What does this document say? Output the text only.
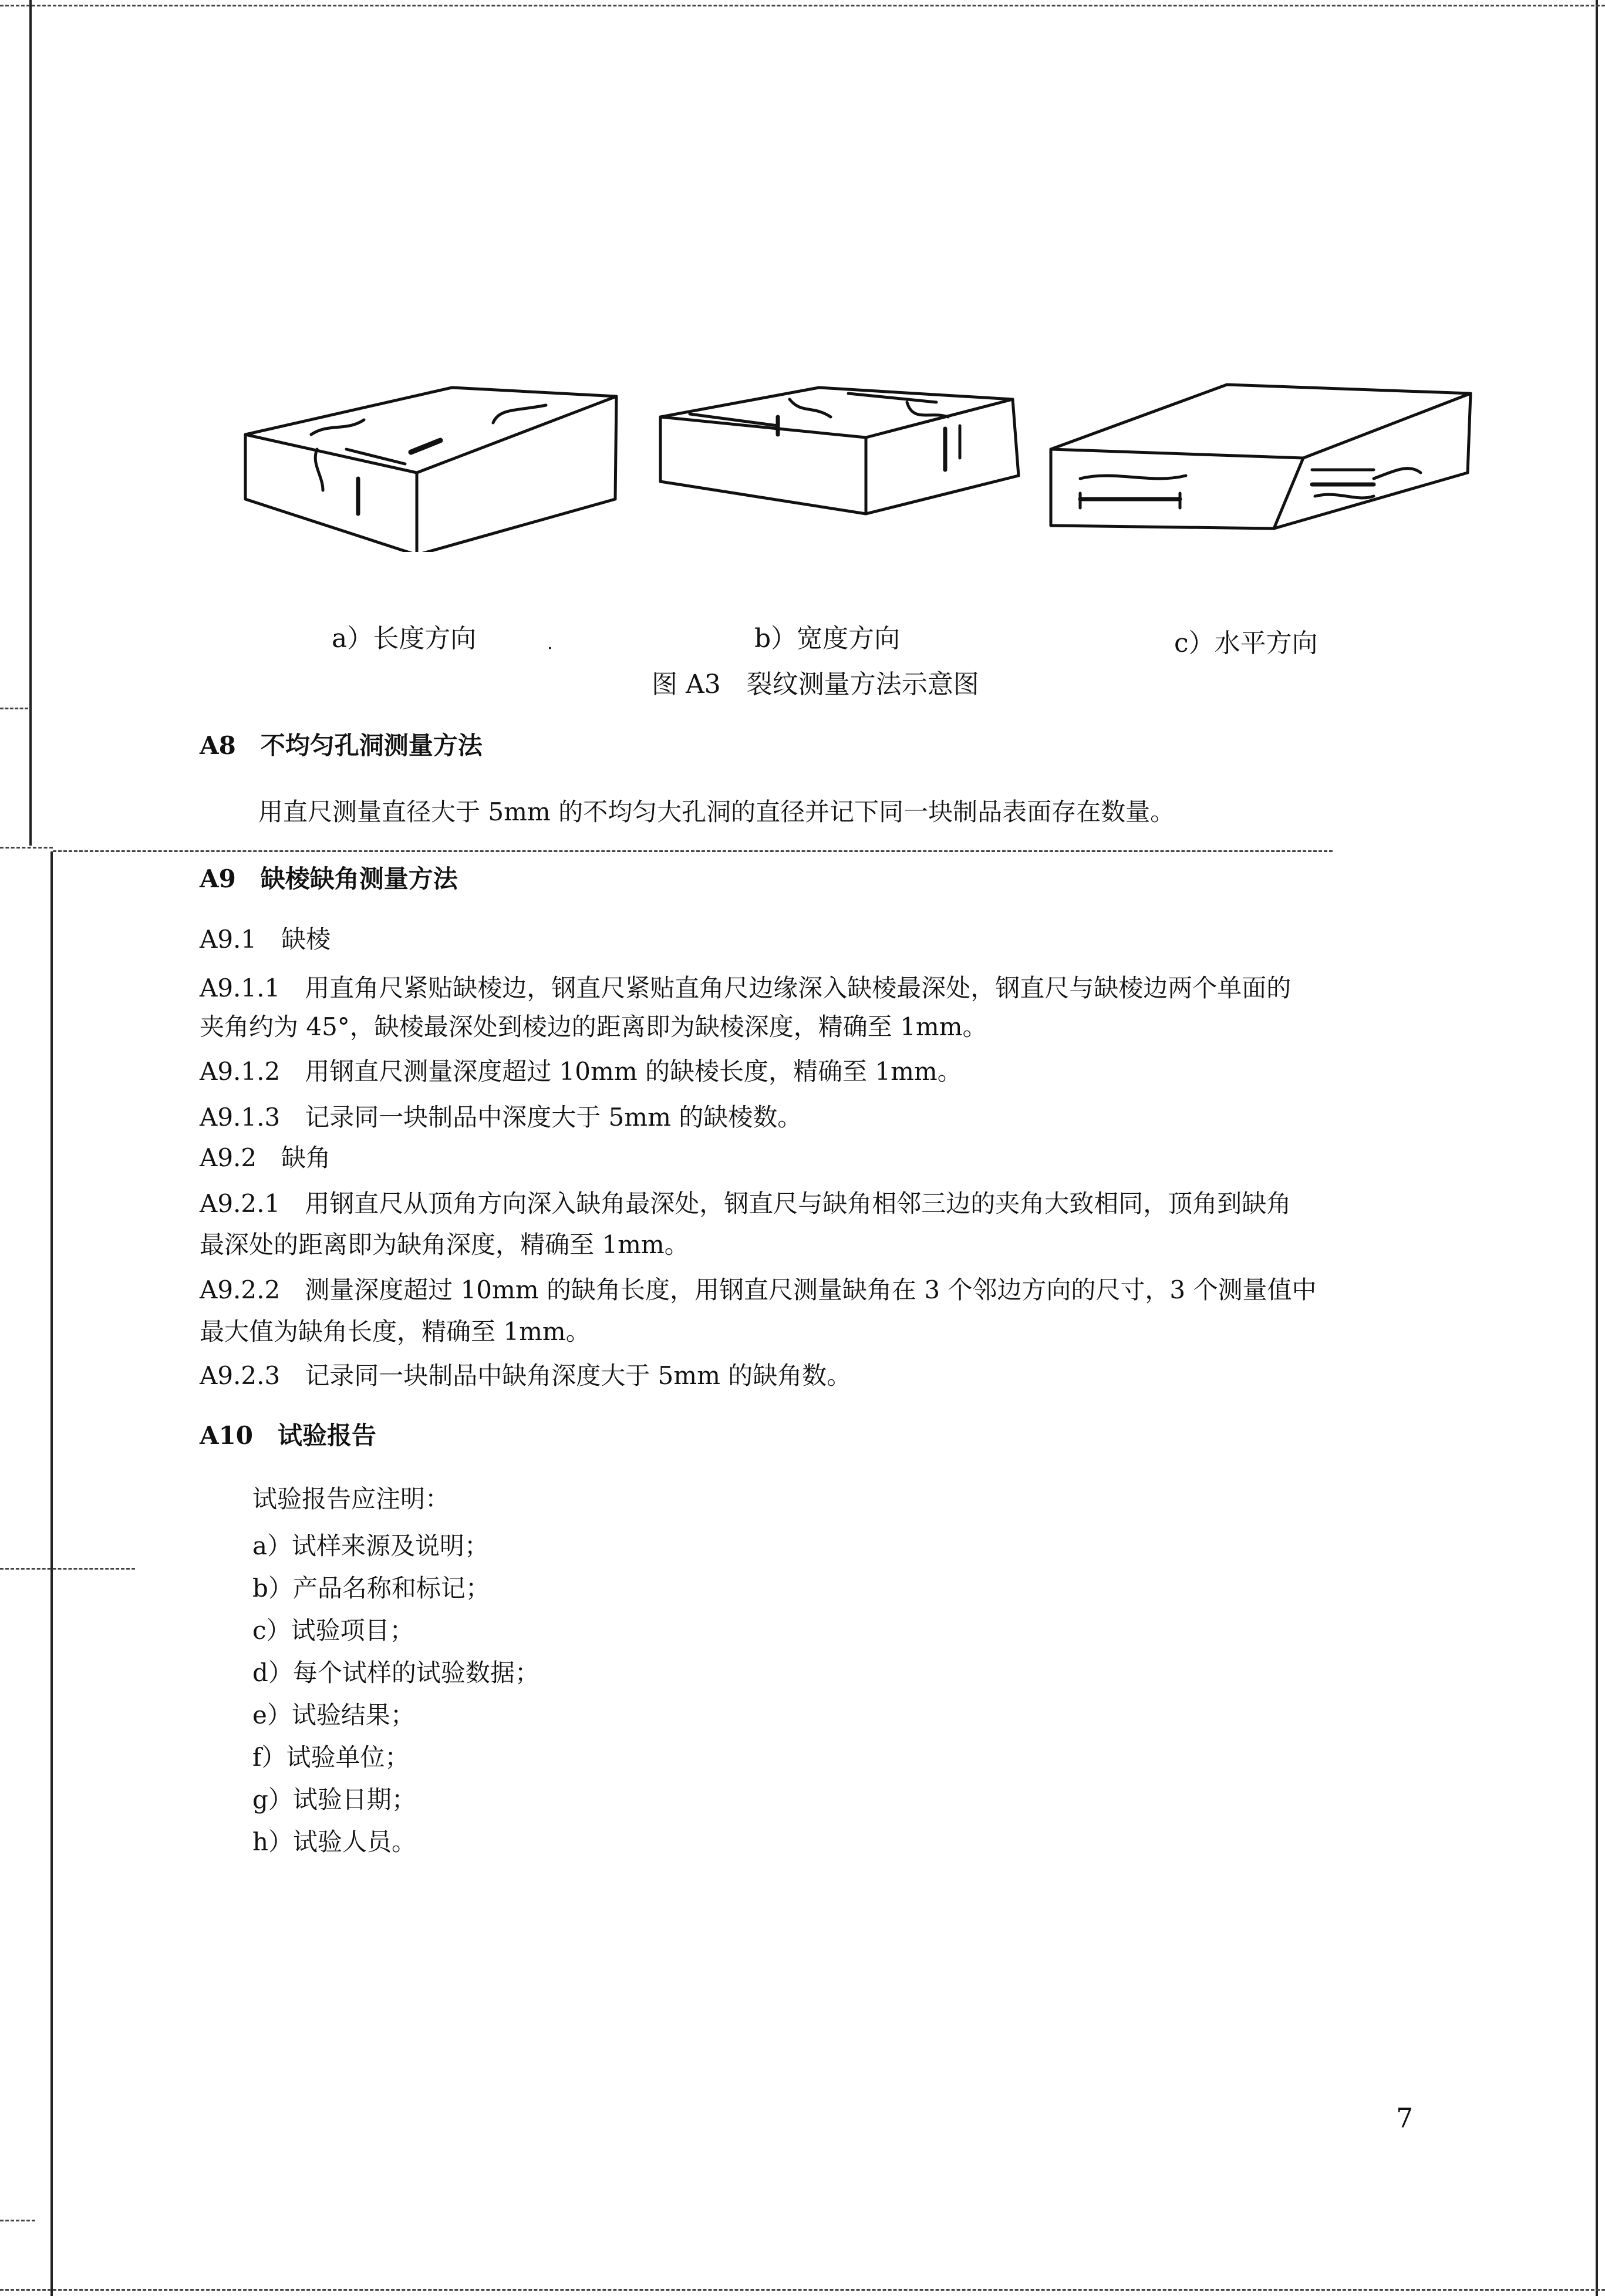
a）长度方向	.	b）宽度方向	c）水平方向
图 A3　裂纹测量方法示意图
A8　不均匀孔洞测量方法
用直尺测量直径大于 5mm 的不均匀大孔洞的直径并记下同一块制品表面存在数量。
A9　缺棱缺角测量方法
A9.1　缺棱
A9.1.1　用直角尺紧贴缺棱边，钢直尺紧贴直角尺边缘深入缺棱最深处，钢直尺与缺棱边两个单面的
夹角约为 45°，缺棱最深处到棱边的距离即为缺棱深度，精确至 1mm。
A9.1.2　用钢直尺测量深度超过 10mm 的缺棱长度，精确至 1mm。
A9.1.3　记录同一块制品中深度大于 5mm 的缺棱数。
A9.2　缺角
A9.2.1　用钢直尺从顶角方向深入缺角最深处，钢直尺与缺角相邻三边的夹角大致相同，顶角到缺角
最深处的距离即为缺角深度，精确至 1mm。
A9.2.2　测量深度超过 10mm 的缺角长度，用钢直尺测量缺角在 3 个邻边方向的尺寸，3 个测量值中
最大值为缺角长度，精确至 1mm。
A9.2.3　记录同一块制品中缺角深度大于 5mm 的缺角数。
A10　试验报告
试验报告应注明：
a）试样来源及说明；
b）产品名称和标记；
c）试验项目；
d）每个试样的试验数据；
e）试验结果；
f）试验单位；
g）试验日期；
h）试验人员。
7
